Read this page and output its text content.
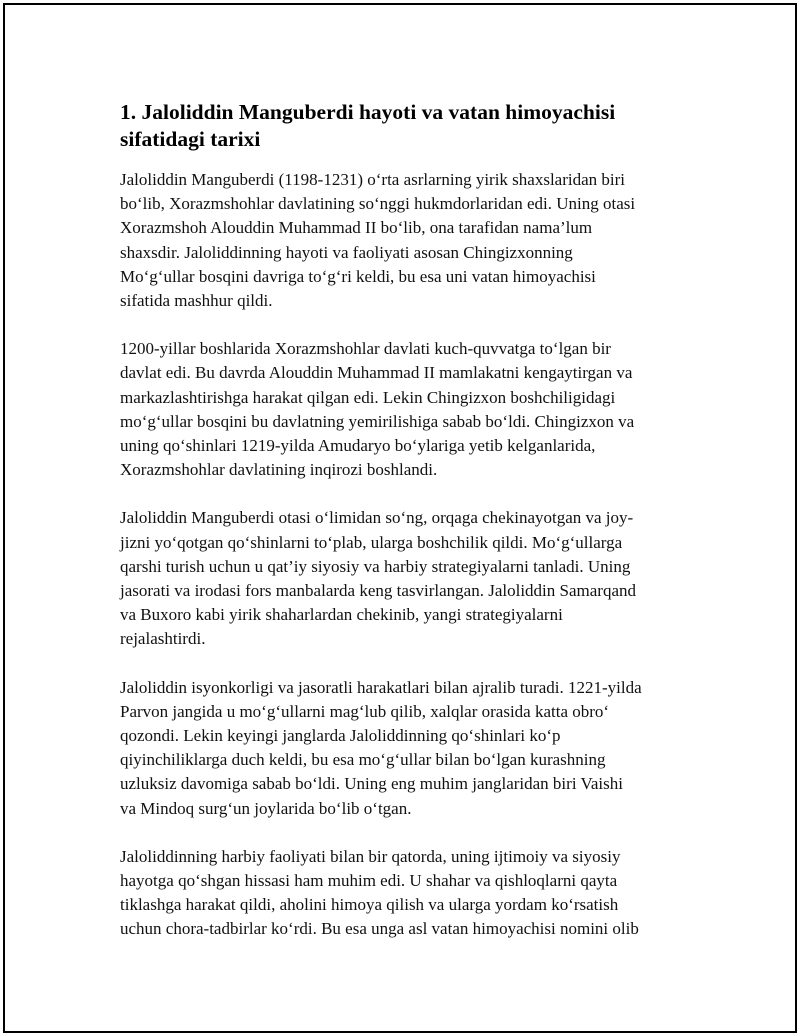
1. Jaloliddin Manguberdi hayoti va vatan himoyachisi
sifatidagi tarixi

Jaloliddin Manguberdi (1198-1231) o‘rta asrlarning yirik shaxslaridan biri
bo‘lib, Xorazmshohlar davlatining so‘nggi hukmdorlaridan edi. Uning otasi
Xorazmshoh Alouddin Muhammad II bo‘lib, ona tarafidan nama’lum
shaxsdir. Jaloliddinning hayoti va faoliyati asosan Chingizxonning
Mo‘g‘ullar bosqini davriga to‘g‘ri keldi, bu esa uni vatan himoyachisi
sifatida mashhur qildi.

1200-yillar boshlarida Xorazmshohlar davlati kuch-quvvatga to‘lgan bir
davlat edi. Bu davrda Alouddin Muhammad II mamlakatni kengaytirgan va
markazlashtirishga harakat qilgan edi. Lekin Chingizxon boshchiligidagi
mo‘g‘ullar bosqini bu davlatning yemirilishiga sabab bo‘ldi. Chingizxon va
uning qo‘shinlari 1219-yilda Amudaryo bo‘ylariga yetib kelganlarida,
Xorazmshohlar davlatining inqirozi boshlandi.

Jaloliddin Manguberdi otasi o‘limidan so‘ng, orqaga chekinayotgan va joy-
jizni yo‘qotgan qo‘shinlarni to‘plab, ularga boshchilik qildi. Mo‘g‘ullarga
qarshi turish uchun u qat’iy siyosiy va harbiy strategiyalarni tanladi. Uning
jasorati va irodasi fors manbalarda keng tasvirlangan. Jaloliddin Samarqand
va Buxoro kabi yirik shaharlardan chekinib, yangi strategiyalarni
rejalashtirdi.

Jaloliddin isyonkorligi va jasoratli harakatlari bilan ajralib turadi. 1221-yilda
Parvon jangida u mo‘g‘ullarni mag‘lub qilib, xalqlar orasida katta obro‘
qozondi. Lekin keyingi janglarda Jaloliddinning qo‘shinlari ko‘p
qiyinchiliklarga duch keldi, bu esa mo‘g‘ullar bilan bo‘lgan kurashning
uzluksiz davomiga sabab bo‘ldi. Uning eng muhim janglaridan biri Vaishi
va Mindoq surg‘un joylarida bo‘lib o‘tgan.

Jaloliddinning harbiy faoliyati bilan bir qatorda, uning ijtimoiy va siyosiy
hayotga qo‘shgan hissasi ham muhim edi. U shahar va qishloqlarni qayta
tiklashga harakat qildi, aholini himoya qilish va ularga yordam ko‘rsatish
uchun chora-tadbirlar ko‘rdi. Bu esa unga asl vatan himoyachisi nomini olib
